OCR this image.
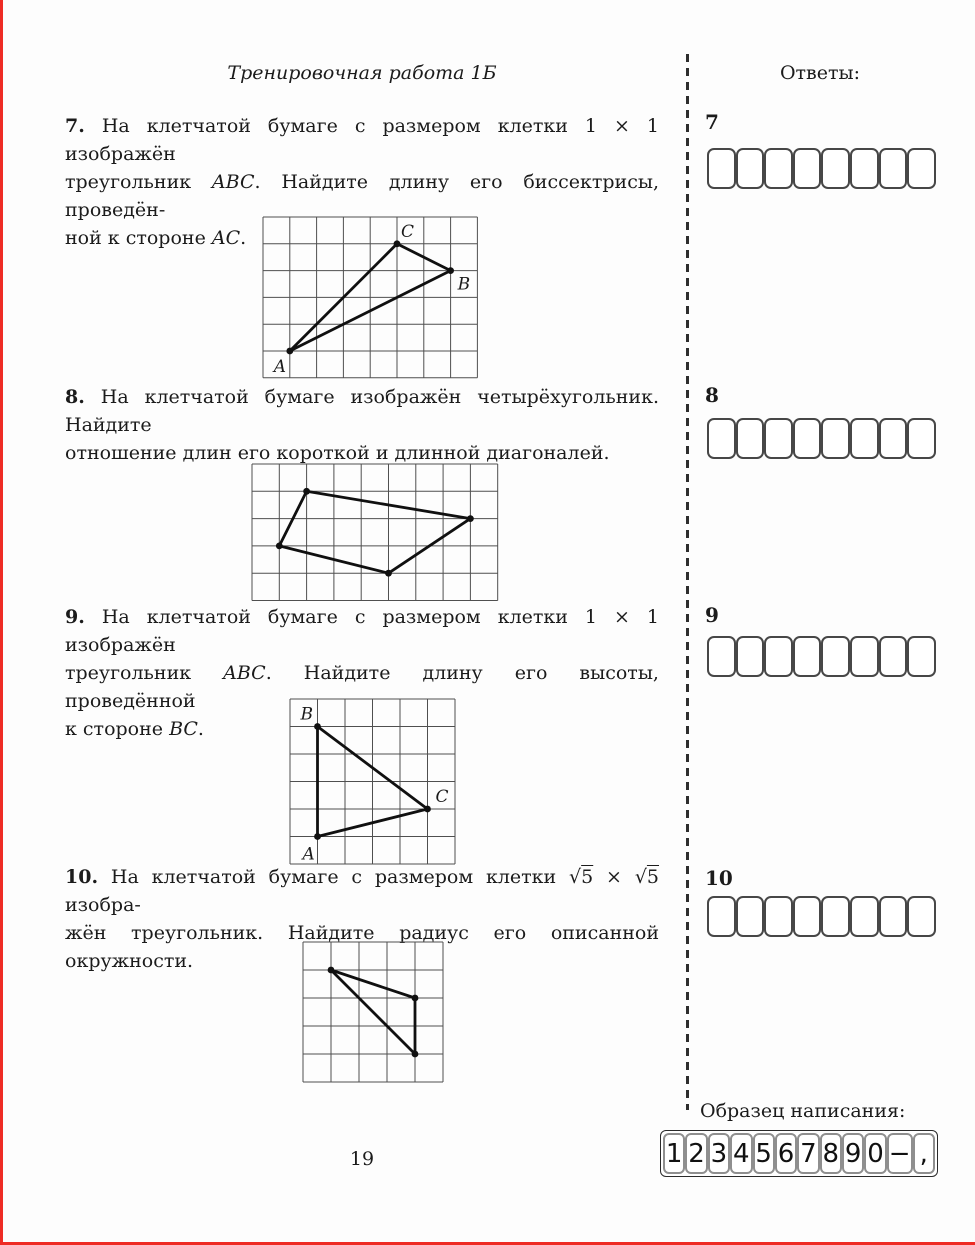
Тренировочная работа 1Б	Ответы:
7. На клетчатой бумаге с размером клетки 1 × 1 изображён
треугольник ABC. Найдите длину его биссектрисы, проведён-
ной к стороне AC.
A
C
B
8. На клетчатой бумаге изображён четырёхугольник. Найдите
отношение длин его короткой и длинной диагоналей.
9. На клетчатой бумаге с размером клетки 1 × 1 изображён
треугольник ABC. Найдите длину его высоты, проведённой
к стороне BC.
B
A
C
10. На клетчатой бумаге с размером клетки √5 × √5 изобра-
жён треугольник. Найдите радиус его описанной окружности.
7
8
9
10
Образец написания:
1 2 3 4 5 6 7 8 9 0 − ,
19
